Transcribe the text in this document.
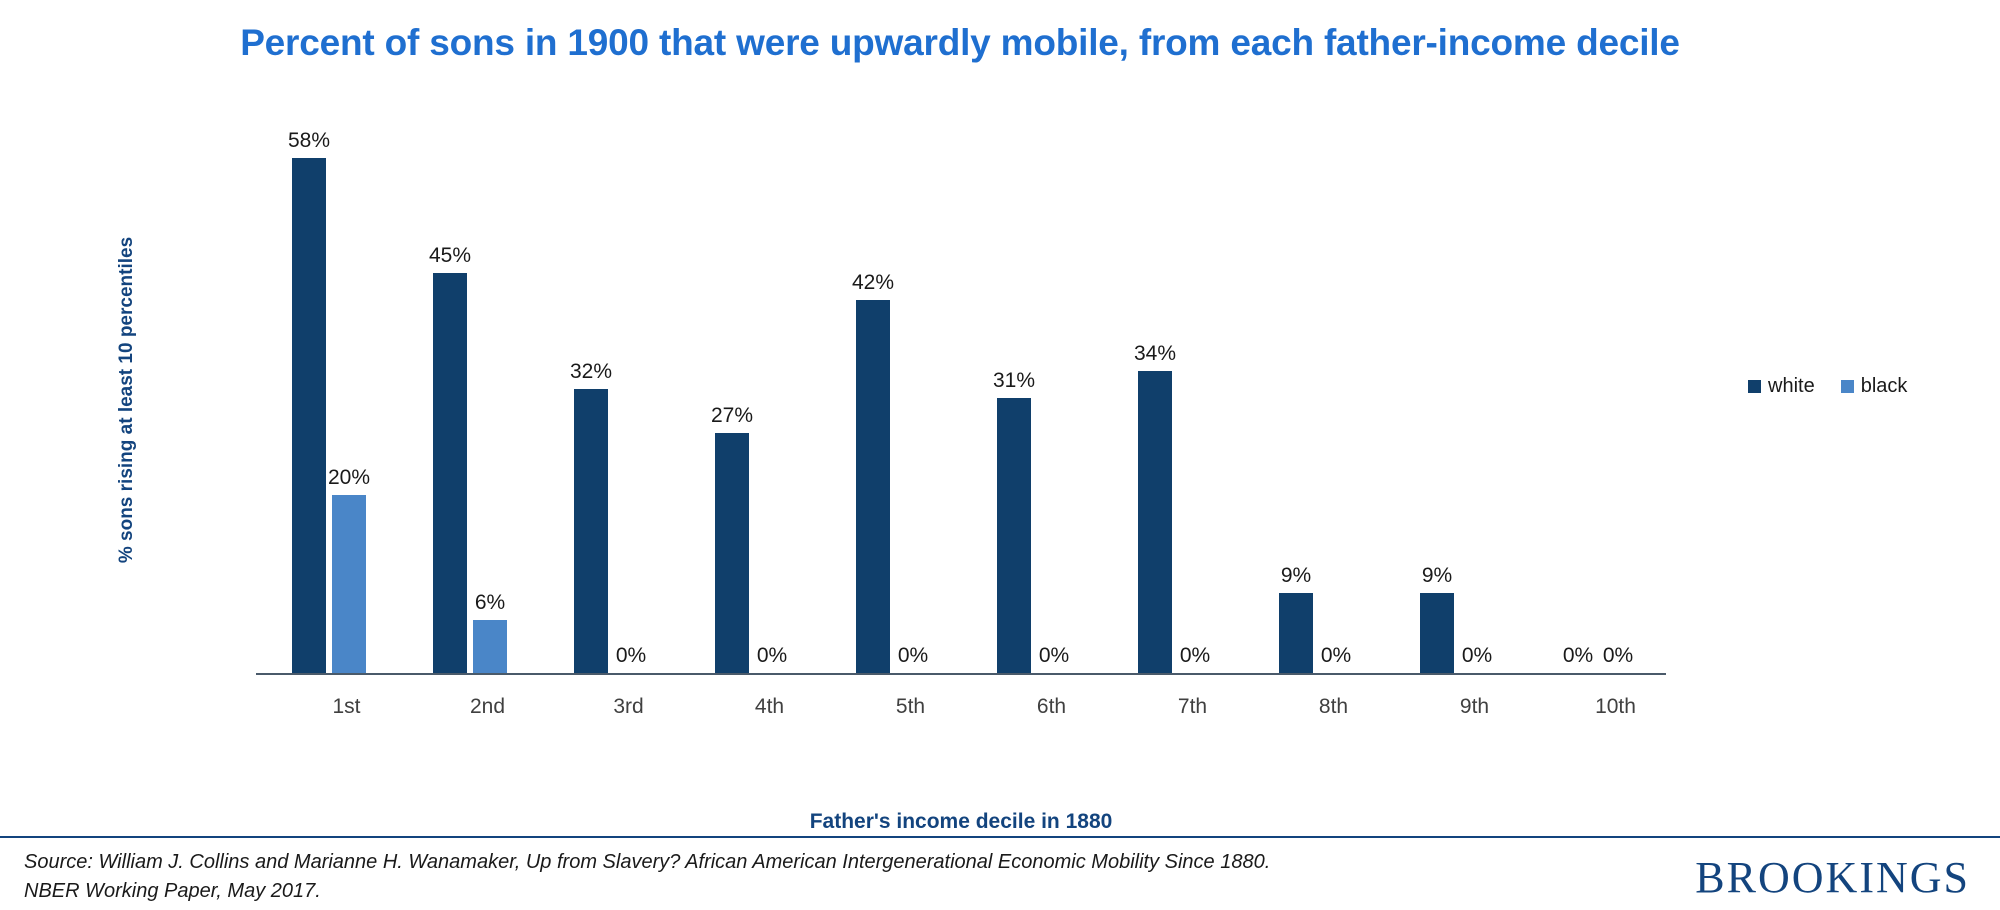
Percent of sons in 1900 that were upwardly mobile, from each father-income decile
% sons rising at least 10 percentiles
58%
20%
1st
45%
6%
2nd
32%
0%
3rd
27%
0%
4th
42%
0%
5th
31%
0%
6th
34%
0%
7th
9%
0%
8th
9%
0%
9th
0% 0%
10th
Father's income decile in 1880
white black
Source: William J. Collins and Marianne H. Wanamaker, Up from Slavery? African American Intergenerational Economic Mobility Since 1880. NBER Working Paper, May 2017.	BROOKINGS
